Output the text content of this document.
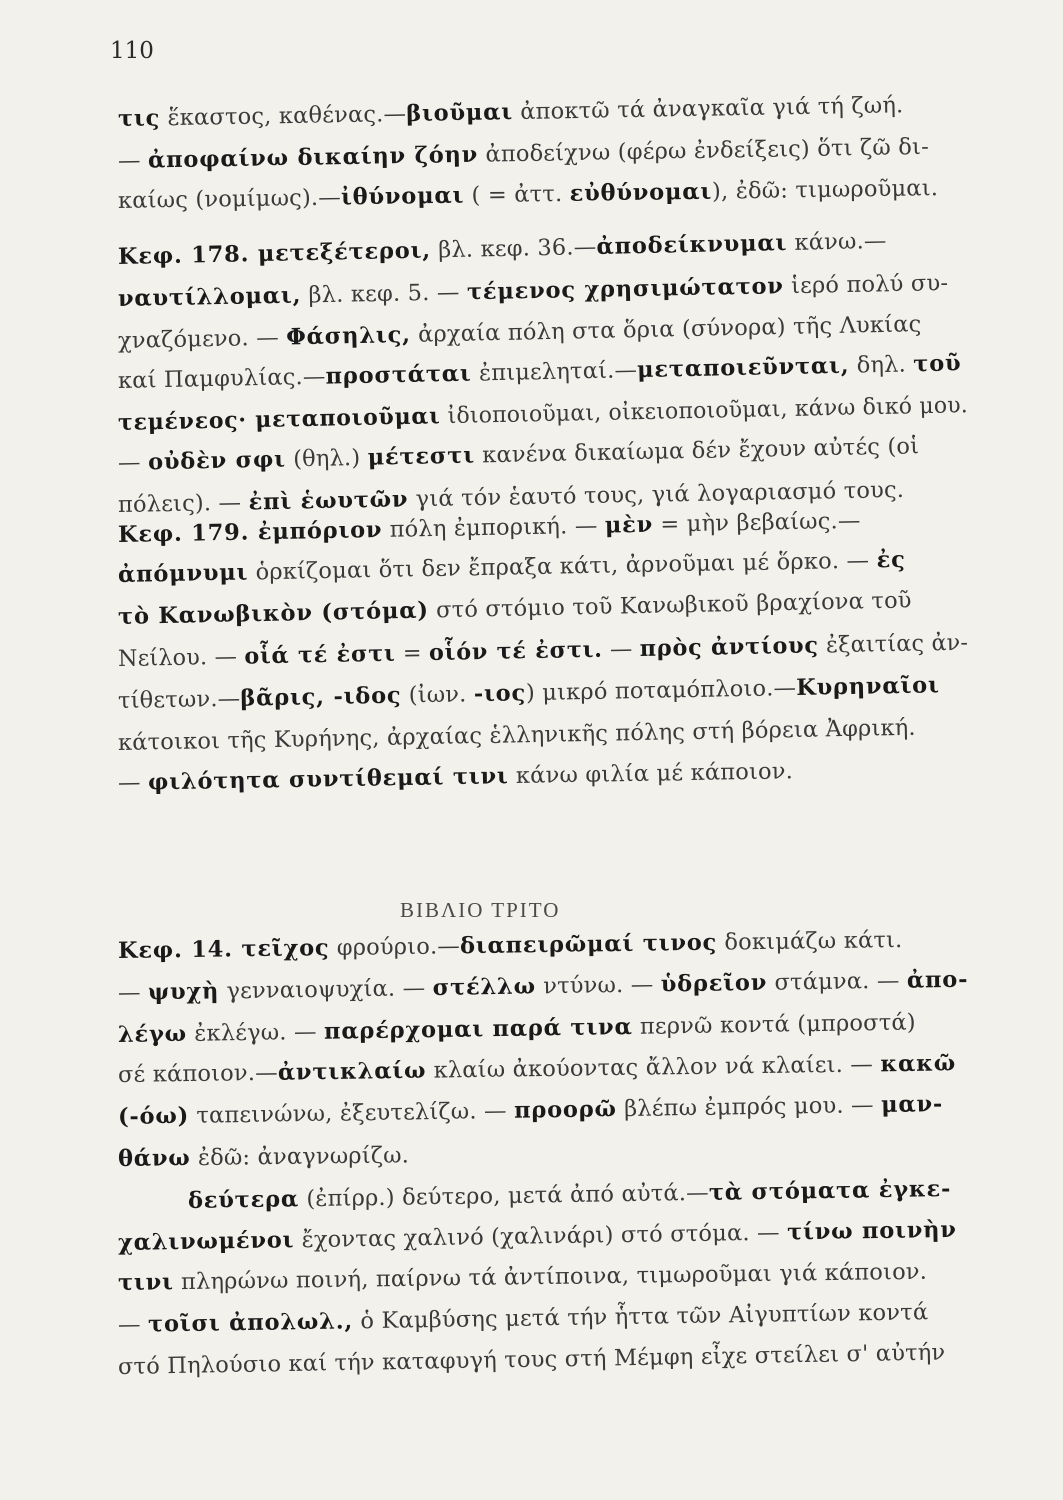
110
τις ἕκαστος, καθένας.—βιοῦμαι ἀποκτῶ τά ἀναγκαῖα γιά τή ζωή.
— ἀποφαίνω δικαίην ζόην ἀποδείχνω (φέρω ἐνδείξεις) ὅτι ζῶ δι-
καίως (νομίμως).—ἰθύνομαι ( = ἀττ. εὐθύνομαι), ἐδῶ: τιμωροῦμαι.
Κεφ. 178. μετεξέτεροι, βλ. κεφ. 36.—ἀποδείκνυμαι κάνω.—
ναυτίλλομαι, βλ. κεφ. 5. — τέμενος χρησιμώτατον ἱερό πολύ συ-
χναζόμενο. — Φάσηλις, ἀρχαία πόλη στα ὅρια (σύνορα) τῆς Λυκίας
καί Παμφυλίας.—προστάται ἐπιμεληταί.—μεταποιεῦνται, δηλ. τοῦ
τεμένεος· μεταποιοῦμαι ἰδιοποιοῦμαι, οἰκειοποιοῦμαι, κάνω δικό μου.
— οὐδὲν σφι (θηλ.) μέτεστι κανένα δικαίωμα δέν ἔχουν αὐτές (οἱ
πόλεις). — ἐπὶ ἑωυτῶν γιά τόν ἑαυτό τους, γιά λογαριασμό τους.
Κεφ. 179. ἐμπόριον πόλη ἐμπορική. — μὲν = μὴν βεβαίως.—
ἀπόμνυμι ὁρκίζομαι ὅτι δεν ἔπραξα κάτι, ἀρνοῦμαι μέ ὅρκο. — ἐς
τὸ Κανωβικὸν (στόμα) στό στόμιο τοῦ Κανωβικοῦ βραχίονα τοῦ
Νείλου. — οἷά τέ ἐστι = οἷόν τέ ἐστι. — πρὸς ἀντίους ἐξαιτίας ἀν-
τίθετων.—βᾶρις, -ιδος (ἰων. -ιος) μικρό ποταμόπλοιο.—Κυρηναῖοι
κάτοικοι τῆς Κυρήνης, ἀρχαίας ἑλληνικῆς πόλης στή βόρεια Ἀφρική.
— φιλότητα συντίθεμαί τινι κάνω φιλία μέ κάποιον.
Κεφ. 14. τεῖχος φρούριο.—διαπειρῶμαί τινος δοκιμάζω κάτι.
— ψυχὴ γενναιοψυχία. — στέλλω ντύνω. — ὑδρεῖον στάμνα. — ἀπο-
λέγω ἐκλέγω. — παρέρχομαι παρά τινα περνῶ κοντά (μπροστά)
σέ κάποιον.—ἀντικλαίω κλαίω ἀκούοντας ἄλλον νά κλαίει. — κακῶ
(-όω) ταπεινώνω, ἐξευτελίζω. — προορῶ βλέπω ἐμπρός μου. — μαν-
θάνω ἐδῶ: ἀναγνωρίζω.
δεύτερα (ἐπίρρ.) δεύτερο, μετά ἀπό αὐτά.—τὰ στόματα ἐγκε-
χαλινωμένοι ἔχοντας χαλινό (χαλινάρι) στό στόμα. — τίνω ποινὴν
τινι πληρώνω ποινή, παίρνω τά ἀντίποινα, τιμωροῦμαι γιά κάποιον.
— τοῖσι ἀπολωλ., ὁ Καμβύσης μετά τήν ἧττα τῶν Αἰγυπτίων κοντά
στό Πηλούσιο καί τήν καταφυγή τους στή Μέμφη εἶχε στείλει σ' αὐτήν
ΒΙΒΛΙΟ ΤΡΙΤΟ
